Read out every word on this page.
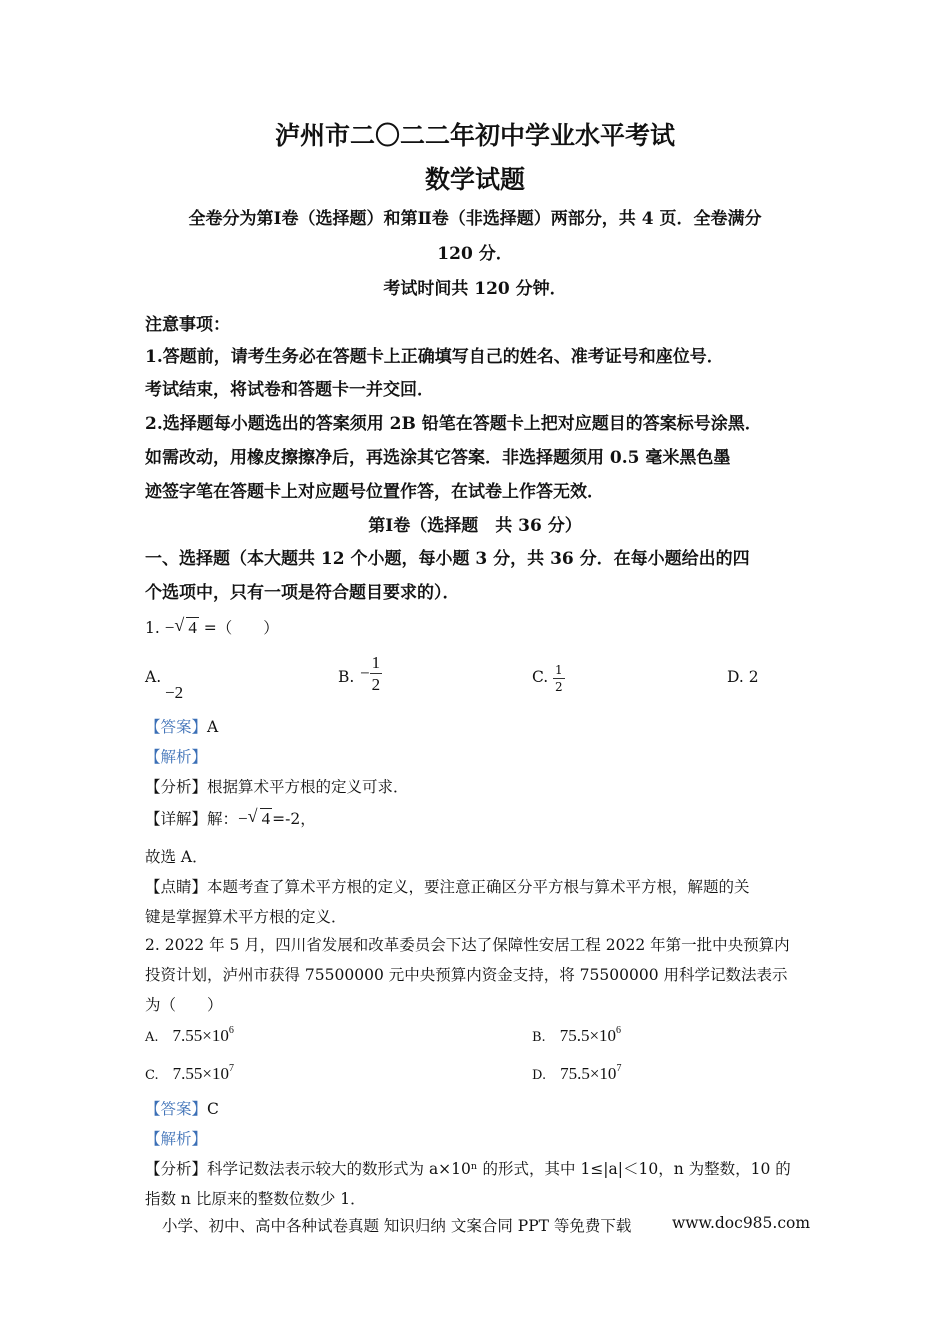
泸州市二〇二二年初中学业水平考试
数学试题
全卷分为第Ⅰ卷（选择题）和第Ⅱ卷（非选择题）两部分，共 4 页．全卷满分
120 分．
考试时间共 120 分钟．
注意事项：
1.答题前，请考生务必在答题卡上正确填写自己的姓名、准考证号和座位号．
考试结束，将试卷和答题卡一并交回．
2.选择题每小题选出的答案须用 2B 铅笔在答题卡上把对应题目的答案标号涂黑．
如需改动，用橡皮擦擦净后，再选涂其它答案．非选择题须用 0.5 毫米黑色墨
迹签字笔在答题卡上对应题号位置作答，在试卷上作答无效．
第Ⅰ卷（选择题　共 36 分）
一、选择题（本大题共 12 个小题，每小题 3 分，共 36 分．在每小题给出的四
个选项中，只有一项是符合题目要求的）．
1. − √ 4 =（　　）
A.
−2
B. − $\frac{1}{2}$	C. $\frac{1}{2}$	D. 2
【答案】A
【解析】
【分析】根据算术平方根的定义可求．
【详解】解：− √ 4 =-2，
故选 A．
【点睛】本题考查了算术平方根的定义，要注意正确区分平方根与算术平方根，解题的关
键是掌握算术平方根的定义．
2. 2022 年 5 月，四川省发展和改革委员会下达了保障性安居工程 2022 年第一批中央预算内
投资计划，泸州市获得 75500000 元中央预算内资金支持，将 75500000 用科学记数法表示
为（　　）
A. $7.55\times 10^6$	B. $75.5\times 10^6$
C. $7.55\times 10^7$	D. $75.5\times 10^7$
【答案】C
【解析】
【分析】科学记数法表示较大的数形式为 a×10ⁿ 的形式，其中 1≤|a|＜10，n 为整数，10 的
指数 n 比原来的整数位数少 1．
小学、初中、高中各种试卷真题 知识归纳 文案合同 PPT 等免费下载	www.doc985.com
